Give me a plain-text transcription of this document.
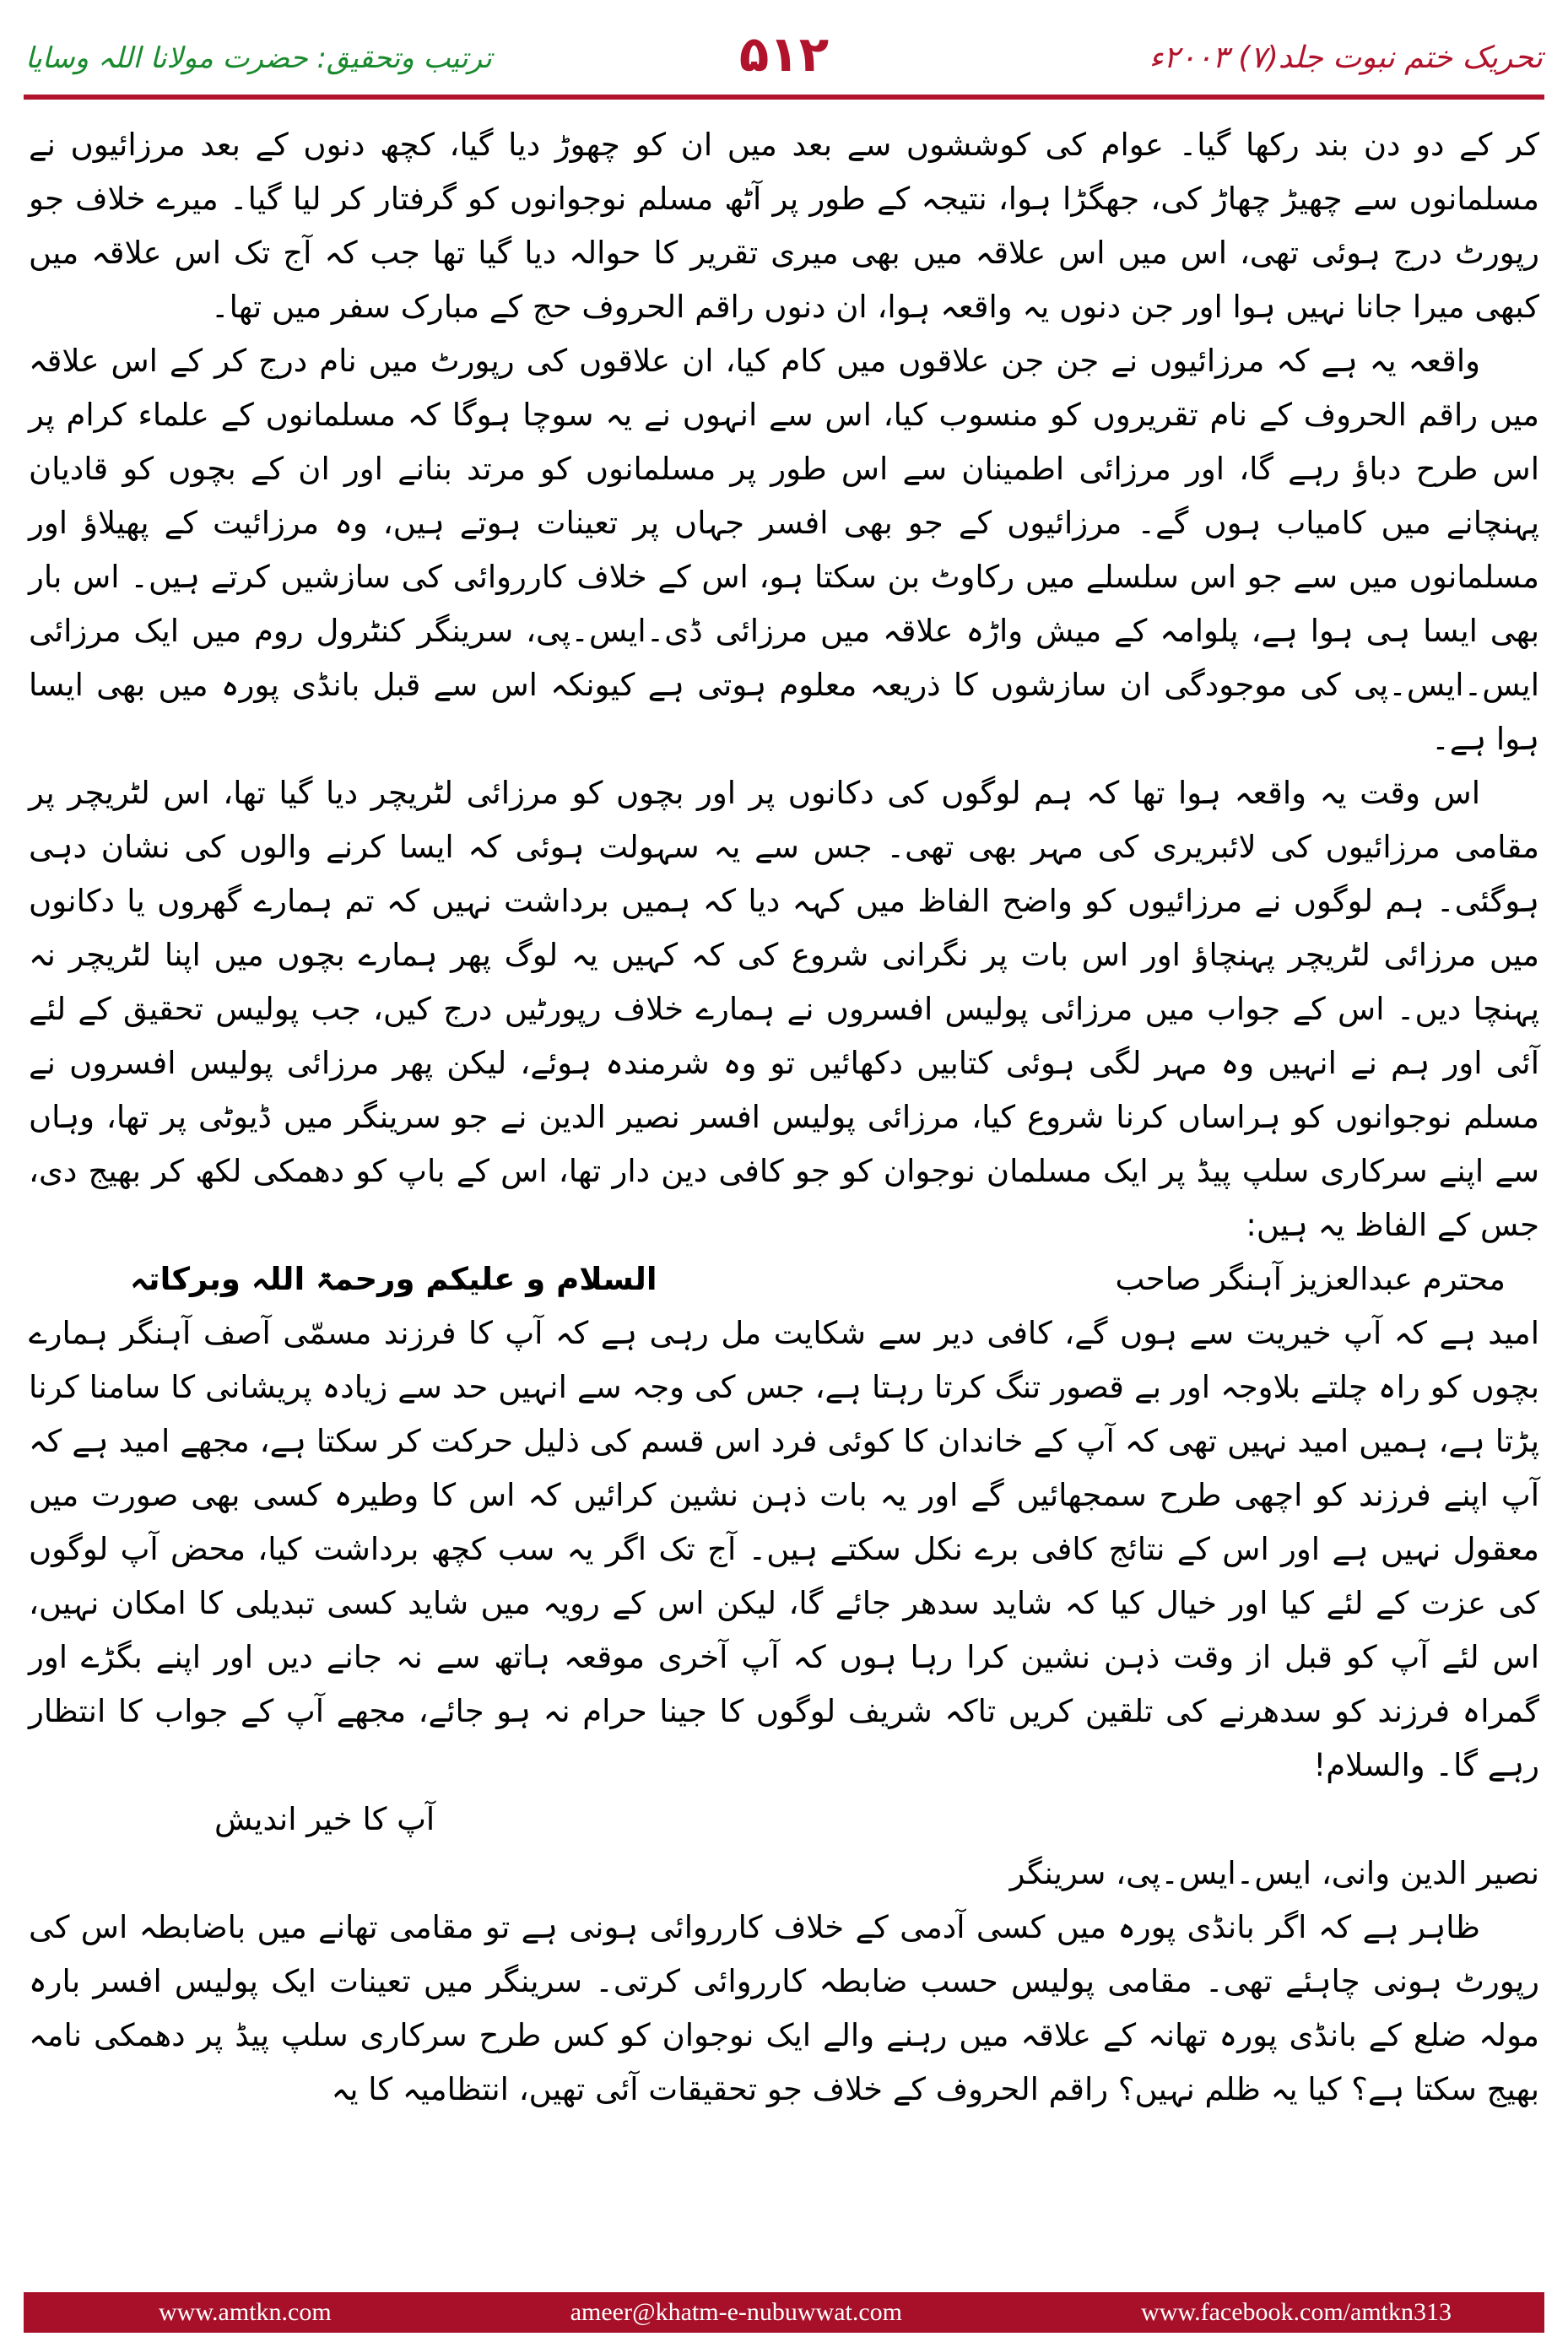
ترتیب وتحقیق: حضرت مولانا اللہ وسایا	۵۱۲	تحریک ختم نبوت جلد(۷) ۲۰۰۳ء

کر کے دو دن بند رکھا گیا۔ عوام کی کوششوں سے بعد میں ان کو چھوڑ دیا گیا، کچھ دنوں کے بعد مرزائیوں نے مسلمانوں سے چھیڑ چھاڑ کی، جھگڑا ہوا، نتیجہ کے طور پر آٹھ مسلم نوجوانوں کو گرفتار کر لیا گیا۔ میرے خلاف جو رپورٹ درج ہوئی تھی، اس میں اس علاقہ میں بھی میری تقریر کا حوالہ دیا گیا تھا جب کہ آج تک اس علاقہ میں کبھی میرا جانا نہیں ہوا اور جن دنوں یہ واقعہ ہوا، ان دنوں راقم الحروف حج کے مبارک سفر میں تھا۔

واقعہ یہ ہے کہ مرزائیوں نے جن جن علاقوں میں کام کیا، ان علاقوں کی رپورٹ میں نام درج کر کے اس علاقہ میں راقم الحروف کے نام تقریروں کو منسوب کیا، اس سے انہوں نے یہ سوچا ہوگا کہ مسلمانوں کے علماء کرام پر اس طرح دباؤ رہے گا، اور مرزائی اطمینان سے اس طور پر مسلمانوں کو مرتد بنانے اور ان کے بچوں کو قادیان پہنچانے میں کامیاب ہوں گے۔ مرزائیوں کے جو بھی افسر جہاں پر تعینات ہوتے ہیں، وہ مرزائیت کے پھیلاؤ اور مسلمانوں میں سے جو اس سلسلے میں رکاوٹ بن سکتا ہو، اس کے خلاف کارروائی کی سازشیں کرتے ہیں۔ اس بار بھی ایسا ہی ہوا ہے، پلوامہ کے میش واڑہ علاقہ میں مرزائی ڈی۔ایس۔پی، سرینگر کنٹرول روم میں ایک مرزائی ایس۔ایس۔پی کی موجودگی ان سازشوں کا ذریعہ معلوم ہوتی ہے کیونکہ اس سے قبل بانڈی پورہ میں بھی ایسا ہوا ہے۔

اس وقت یہ واقعہ ہوا تھا کہ ہم لوگوں کی دکانوں پر اور بچوں کو مرزائی لٹریچر دیا گیا تھا، اس لٹریچر پر مقامی مرزائیوں کی لائبریری کی مہر بھی تھی۔ جس سے یہ سہولت ہوئی کہ ایسا کرنے والوں کی نشان دہی ہوگئی۔ ہم لوگوں نے مرزائیوں کو واضح الفاظ میں کہہ دیا کہ ہمیں برداشت نہیں کہ تم ہمارے گھروں یا دکانوں میں مرزائی لٹریچر پہنچاؤ اور اس بات پر نگرانی شروع کی کہ کہیں یہ لوگ پھر ہمارے بچوں میں اپنا لٹریچر نہ پہنچا دیں۔ اس کے جواب میں مرزائی پولیس افسروں نے ہمارے خلاف رپورٹیں درج کیں، جب پولیس تحقیق کے لئے آئی اور ہم نے انہیں وہ مہر لگی ہوئی کتابیں دکھائیں تو وہ شرمندہ ہوئے، لیکن پھر مرزائی پولیس افسروں نے مسلم نوجوانوں کو ہراساں کرنا شروع کیا، مرزائی پولیس افسر نصیر الدین نے جو سرینگر میں ڈیوٹی پر تھا، وہاں سے اپنے سرکاری سلپ پیڈ پر ایک مسلمان نوجوان کو جو کافی دین دار تھا، اس کے باپ کو دھمکی لکھ کر بھیج دی، جس کے الفاظ یہ ہیں:

محترم عبدالعزیز آہنگر صاحب
السلام و علیکم ورحمۃ اللہ وبرکاتہ

امید ہے کہ آپ خیریت سے ہوں گے، کافی دیر سے شکایت مل رہی ہے کہ آپ کا فرزند مسمّی آصف آہنگر ہمارے بچوں کو راہ چلتے بلاوجہ اور بے قصور تنگ کرتا رہتا ہے، جس کی وجہ سے انہیں حد سے زیادہ پریشانی کا سامنا کرنا پڑتا ہے، ہمیں امید نہیں تھی کہ آپ کے خاندان کا کوئی فرد اس قسم کی ذلیل حرکت کر سکتا ہے، مجھے امید ہے کہ آپ اپنے فرزند کو اچھی طرح سمجھائیں گے اور یہ بات ذہن نشین کرائیں کہ اس کا وطیرہ کسی بھی صورت میں معقول نہیں ہے اور اس کے نتائج کافی برے نکل سکتے ہیں۔ آج تک اگر یہ سب کچھ برداشت کیا، محض آپ لوگوں کی عزت کے لئے کیا اور خیال کیا کہ شاید سدھر جائے گا، لیکن اس کے رویہ میں شاید کسی تبدیلی کا امکان نہیں، اس لئے آپ کو قبل از وقت ذہن نشین کرا رہا ہوں کہ آپ آخری موقعہ ہاتھ سے نہ جانے دیں اور اپنے بگڑے اور گمراہ فرزند کو سدھرنے کی تلقین کریں تاکہ شریف لوگوں کا جینا حرام نہ ہو جائے، مجھے آپ کے جواب کا انتظار رہے گا۔ والسلام!

آپ کا خیر اندیش

نصیر الدین وانی، ایس۔ایس۔پی، سرینگر

ظاہر ہے کہ اگر بانڈی پورہ میں کسی آدمی کے خلاف کارروائی ہونی ہے تو مقامی تھانے میں باضابطہ اس کی رپورٹ ہونی چاہئے تھی۔ مقامی پولیس حسب ضابطہ کارروائی کرتی۔ سرینگر میں تعینات ایک پولیس افسر بارہ مولہ ضلع کے بانڈی پورہ تھانہ کے علاقہ میں رہنے والے ایک نوجوان کو کس طرح سرکاری سلپ پیڈ پر دھمکی نامہ بھیج سکتا ہے؟ کیا یہ ظلم نہیں؟ راقم الحروف کے خلاف جو تحقیقات آئی تھیں، انتظامیہ کا یہ

www.amtkn.com	ameer@khatm-e-nubuwwat.com	www.facebook.com/amtkn313
